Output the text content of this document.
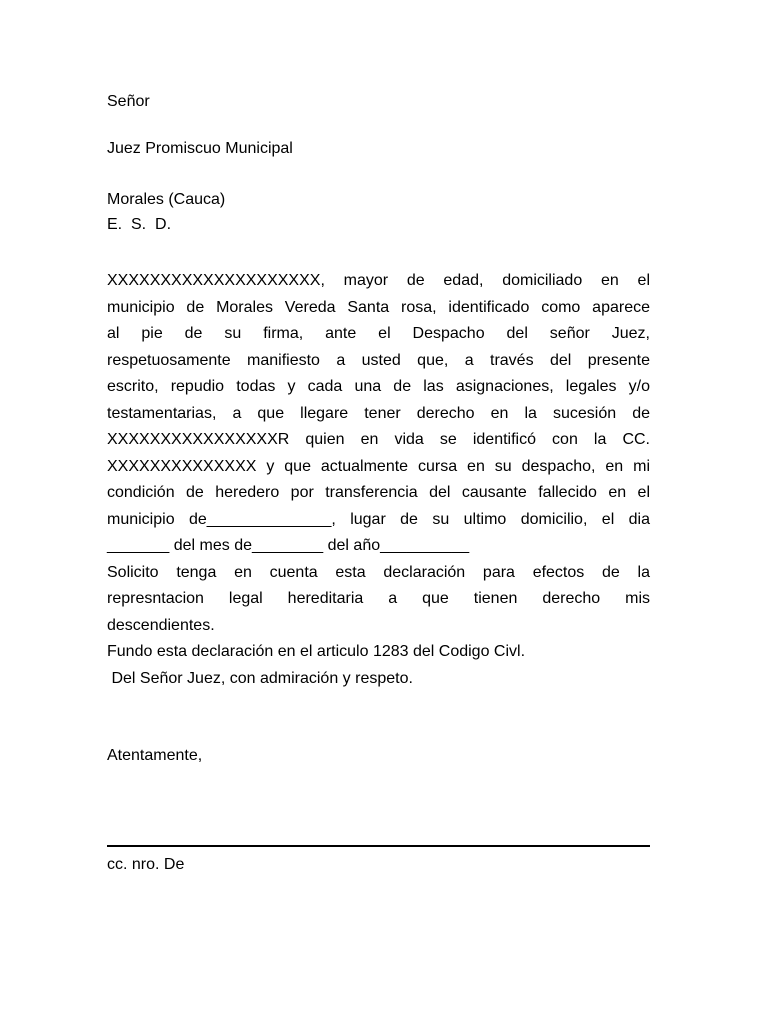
Señor
Juez Promiscuo Municipal
Morales (Cauca)
E.  S.  D.
XXXXXXXXXXXXXXXXXXXX, mayor de edad, domiciliado en el
municipio de Morales Vereda Santa rosa, identificado como aparece
al pie de su firma, ante el Despacho del señor Juez,
respetuosamente manifiesto a usted que, a través del presente
escrito, repudio todas y cada una de las asignaciones, legales y/o
testamentarias, a que llegare tener derecho en la sucesión de
XXXXXXXXXXXXXXXXR quien en vida se identificó con la CC.
XXXXXXXXXXXXXX y que actualmente cursa en su despacho, en mi
condición de heredero por transferencia del causante fallecido en el
municipio de______________, lugar de su ultimo domicilio, el dia
_______ del mes de________ del año__________
Solicito tenga en cuenta esta declaración para efectos de la
represntacion legal hereditaria a que tienen derecho mis
descendientes.
Fundo esta declaración en el articulo 1283 del Codigo Civl.
Del Señor Juez, con admiración y respeto.
Atentamente,
cc. nro. De
